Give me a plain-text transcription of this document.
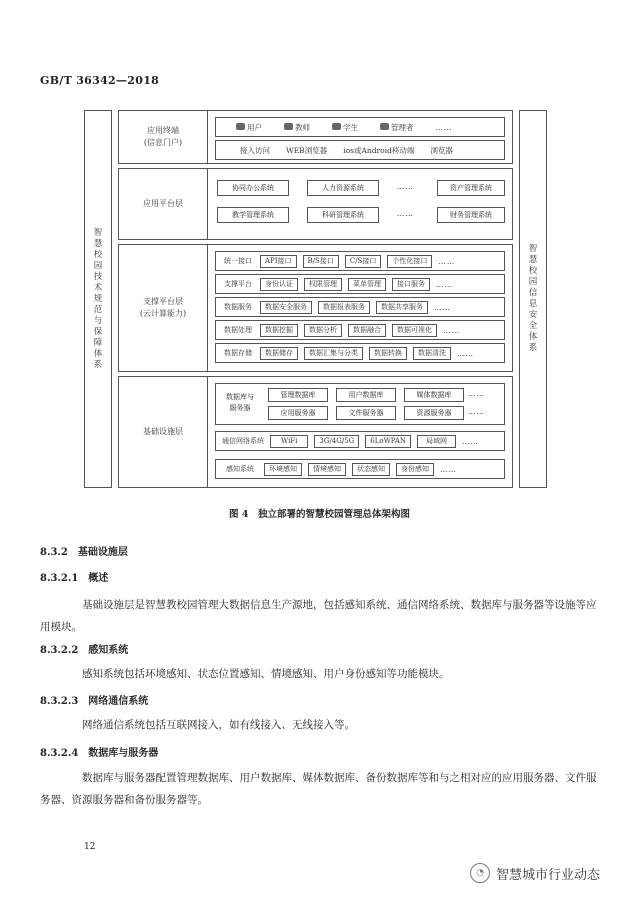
GB/T 36342—2018
智
慧
校
园
技
术
规
范
与
保
障
体
系
智
慧
校
园
信
息
安
全
体
系
应用终端
(信息门户)
用户	教师	学生	管理者	……
接入访问 WEB浏览器 ios或Android移动端 浏览器
应用平台层
协同办公系统	人力资源系统	……	资产管理系统
教学管理系统	科研管理系统	……	财务管理系统
支撑平台层
(云计算能力)
统一接口	API接口	B/S接口	C/S接口	个性化接口	……
支撑平台	身份认证	权限管理	菜单管理	接口服务	……
数据服务	数据安全服务	数据报表服务	数据共享服务	……
数据处理	数据挖掘	数据分析	数据融合	数据可视化	……
数据存储	数据储存	数据汇集与分类	数据转换	数据清洗	……
基础设施层
数据库与
服务器
管理数据库	用户数据库	媒体数据库	……
应用服务器	文件服务器	资源服务器	……
通信网络系统	WiFi	3G/4G/5G	6LoWPAN	局域网	……
感知系统	环境感知	情境感知	状态感知	身份感知	……
图 4　独立部署的智慧校园管理总体架构图
8.3.2 基础设施层
8.3.2.1 概述
基础设施层是智慧教校园管理大数据信息生产源地，包括感知系统、通信网络系统、数据库与服务器等设施等应用模块。
8.3.2.2 感知系统
感知系统包括环境感知、状态位置感知、情境感知、用户身份感知等功能模块。
8.3.2.3 网络通信系统
网络通信系统包括互联网接入，如有线接入、无线接入等。
8.3.2.4 数据库与服务器
数据库与服务器配置管理数据库、用户数据库、媒体数据库、备份数据库等和与之相对应的应用服务器、文件服务器、资源服务器和备份服务器等。
12
◔ 智慧城市行业动态
